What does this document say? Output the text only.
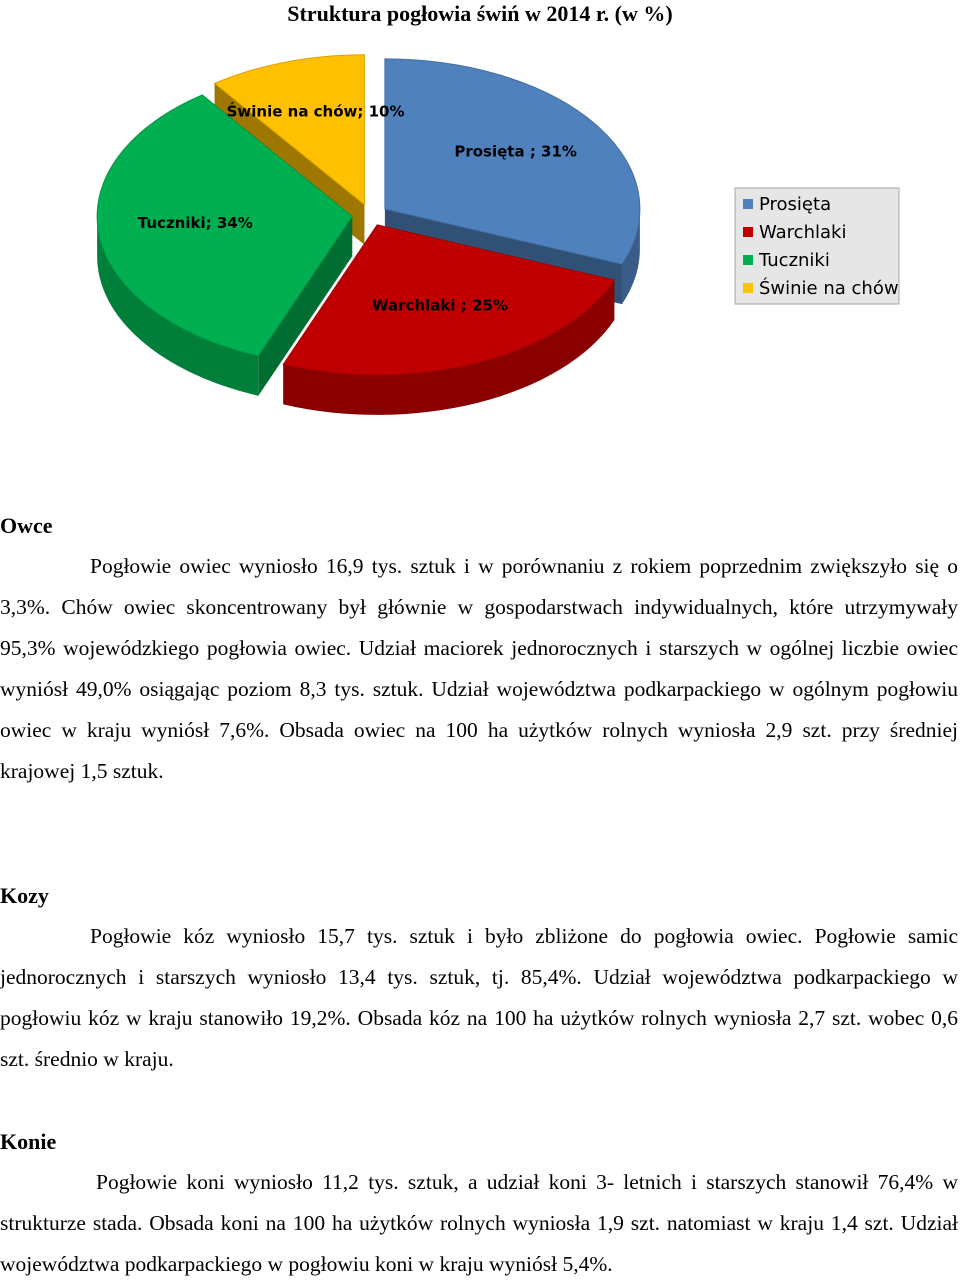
Struktura pogłowia świń w 2014 r. (w %)
Świnie na chów; 10%
Prosięta ; 31%
Tuczniki; 34%
Warchlaki ; 25%
Prosięta
Warchlaki
Tuczniki
Świnie na chów
Owce

Pogłowie owiec wyniosło 16,9 tys. sztuk i w porównaniu z rokiem poprzednim zwiększyło się o 3,3%. Chów owiec skoncentrowany był głównie w gospodarstwach indywidualnych, które utrzymywały 95,3% wojewódzkiego pogłowia owiec. Udział maciorek jednorocznych i starszych w ogólnej liczbie owiec wyniósł 49,0% osiągając poziom 8,3 tys. sztuk. Udział województwa podkarpackiego w ogólnym pogłowiu owiec w kraju wyniósł 7,6%. Obsada owiec na 100 ha użytków rolnych wyniosła 2,9 szt. przy średniej krajowej 1,5 sztuk.

Kozy

Pogłowie kóz wyniosło 15,7 tys. sztuk i było zbliżone do pogłowia owiec. Pogłowie samic jednorocznych i starszych wyniosło 13,4 tys. sztuk, tj. 85,4%. Udział województwa podkarpackiego w pogłowiu kóz w kraju stanowiło 19,2%. Obsada kóz na 100 ha użytków rolnych wyniosła 2,7 szt. wobec 0,6 szt. średnio w kraju.

Konie

Pogłowie koni wyniosło 11,2 tys. sztuk, a udział koni 3- letnich i starszych stanowił 76,4% w strukturze stada. Obsada koni na 100 ha użytków rolnych wyniosła 1,9 szt. natomiast w kraju 1,4 szt. Udział województwa podkarpackiego w pogłowiu koni w kraju wyniósł 5,4%.
